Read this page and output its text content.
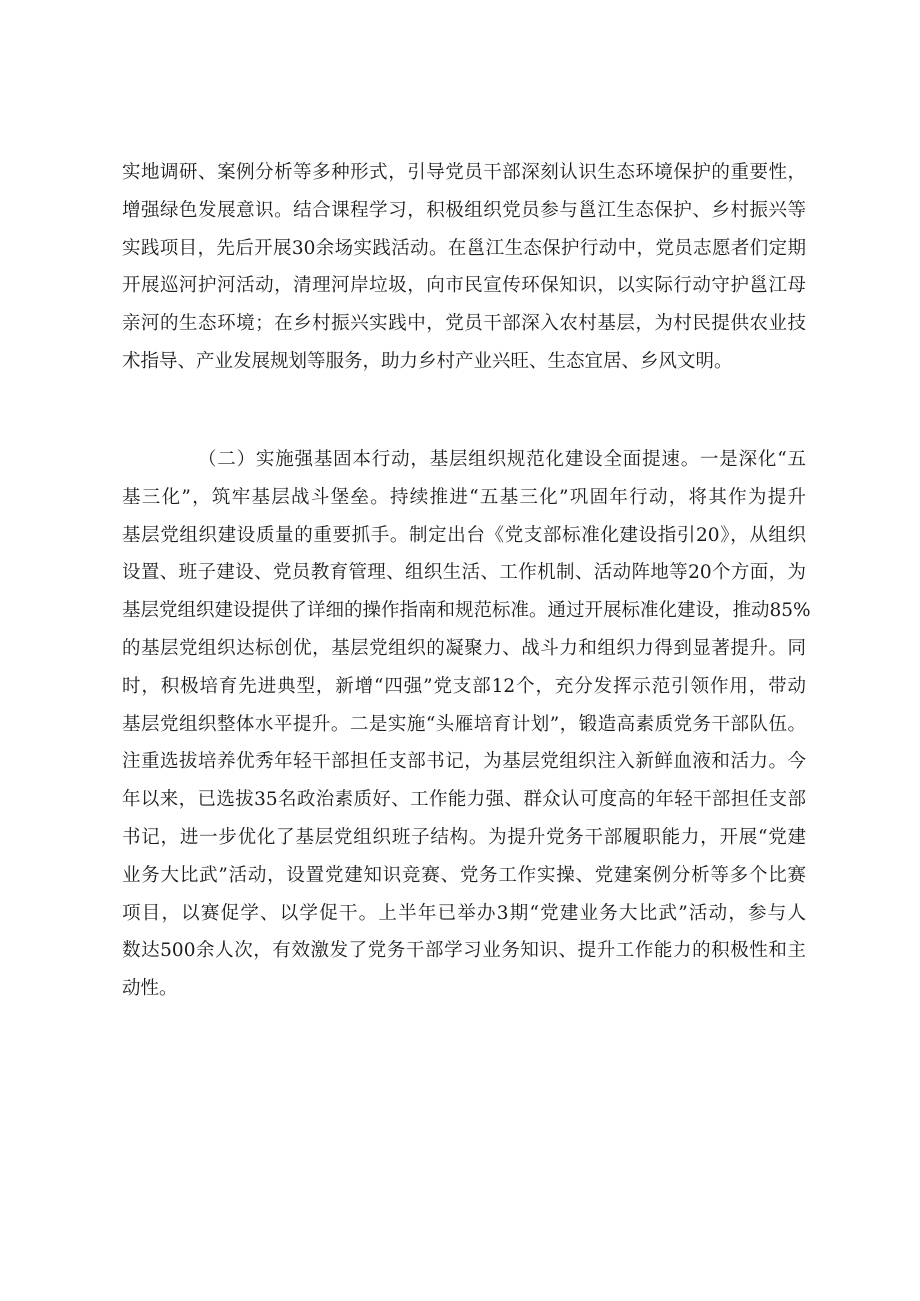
实地调研、案例分析等多种形式，引导党员干部深刻认识生态环境保护的重要性，
增强绿色发展意识。结合课程学习，积极组织党员参与邕江生态保护、乡村振兴等
实践项目，先后开展30余场实践活动。在邕江生态保护行动中，党员志愿者们定期
开展巡河护河活动，清理河岸垃圾，向市民宣传环保知识，以实际行动守护邕江母
亲河的生态环境；在乡村振兴实践中，党员干部深入农村基层，为村民提供农业技
术指导、产业发展规划等服务，助力乡村产业兴旺、生态宜居、乡风文明。

（二）实施强基固本行动，基层组织规范化建设全面提速。一是深化“五
基三化”，筑牢基层战斗堡垒。持续推进“五基三化”巩固年行动，将其作为提升
基层党组织建设质量的重要抓手。制定出台《党支部标准化建设指引20》，从组织
设置、班子建设、党员教育管理、组织生活、工作机制、活动阵地等20个方面，为
基层党组织建设提供了详细的操作指南和规范标准。通过开展标准化建设，推动85%
的基层党组织达标创优，基层党组织的凝聚力、战斗力和组织力得到显著提升。同
时，积极培育先进典型，新增“四强”党支部12个，充分发挥示范引领作用，带动
基层党组织整体水平提升。二是实施“头雁培育计划”，锻造高素质党务干部队伍。
注重选拔培养优秀年轻干部担任支部书记，为基层党组织注入新鲜血液和活力。今
年以来，已选拔35名政治素质好、工作能力强、群众认可度高的年轻干部担任支部
书记，进一步优化了基层党组织班子结构。为提升党务干部履职能力，开展“党建
业务大比武”活动，设置党建知识竞赛、党务工作实操、党建案例分析等多个比赛
项目，以赛促学、以学促干。上半年已举办3期“党建业务大比武”活动，参与人
数达500余人次，有效激发了党务干部学习业务知识、提升工作能力的积极性和主
动性。
